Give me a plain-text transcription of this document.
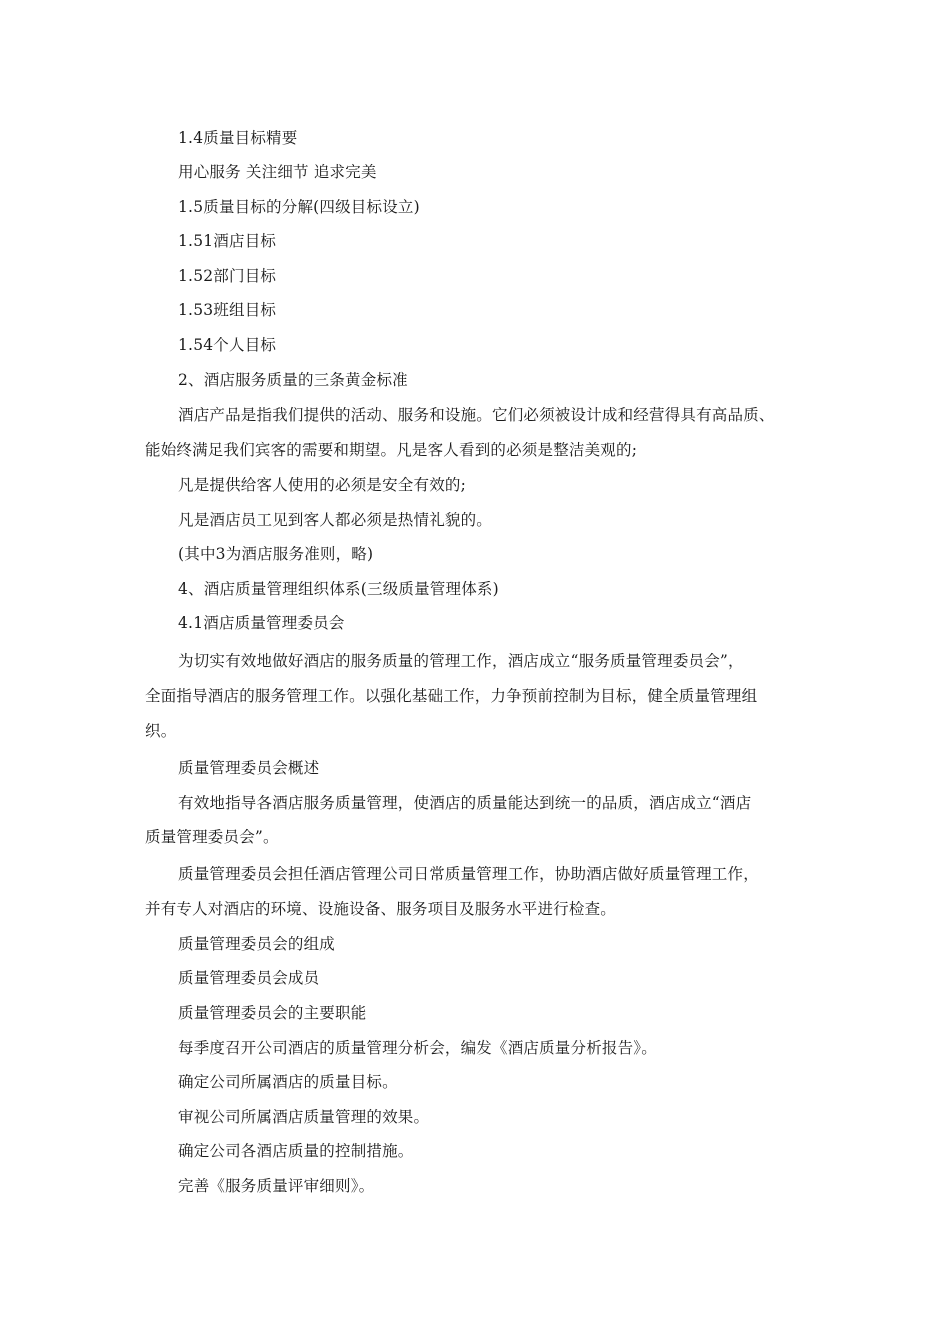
1.4质量目标精要
用心服务 关注细节 追求完美
1.5质量目标的分解(四级目标设立)
1.51酒店目标
1.52部门目标
1.53班组目标
1.54个人目标
2、酒店服务质量的三条黄金标准
酒店产品是指我们提供的活动、服务和设施。它们必须被设计成和经营得具有高品质、
能始终满足我们宾客的需要和期望。凡是客人看到的必须是整洁美观的;
凡是提供给客人使用的必须是安全有效的;
凡是酒店员工见到客人都必须是热情礼貌的。
(其中3为酒店服务准则，略)
4、酒店质量管理组织体系(三级质量管理体系)
4.1酒店质量管理委员会
为切实有效地做好酒店的服务质量的管理工作，酒店成立“服务质量管理委员会”，
全面指导酒店的服务管理工作。以强化基础工作，力争预前控制为目标，健全质量管理组
织。
质量管理委员会概述
有效地指导各酒店服务质量管理，使酒店的质量能达到统一的品质，酒店成立“酒店
质量管理委员会”。
质量管理委员会担任酒店管理公司日常质量管理工作，协助酒店做好质量管理工作，
并有专人对酒店的环境、设施设备、服务项目及服务水平进行检查。
质量管理委员会的组成
质量管理委员会成员
质量管理委员会的主要职能
每季度召开公司酒店的质量管理分析会，编发《酒店质量分析报告》。
确定公司所属酒店的质量目标。
审视公司所属酒店质量管理的效果。
确定公司各酒店质量的控制措施。
完善《服务质量评审细则》。
